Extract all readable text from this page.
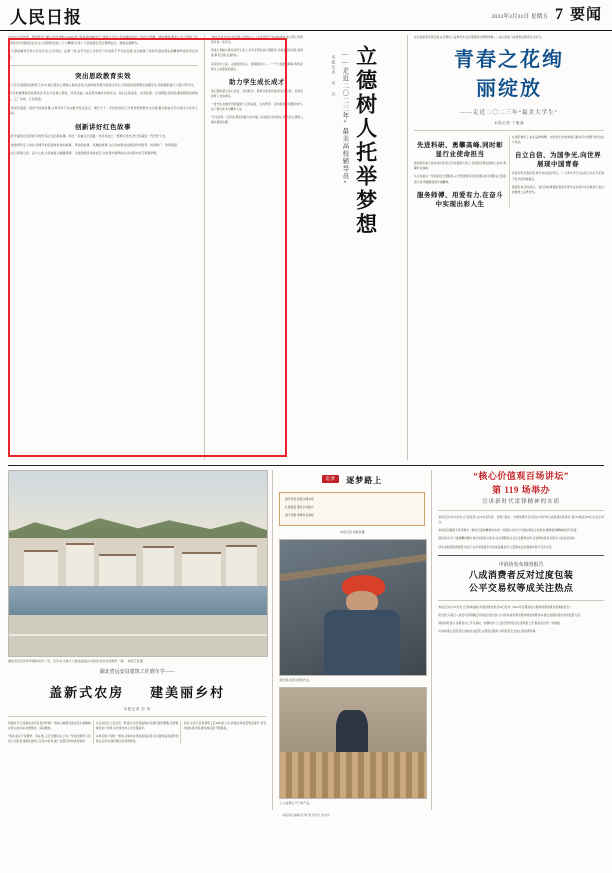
人民日报	2023年3月31日 星期五 7 要闻

中共中央宣传部、教育部近日联合印发通知,对2023年“最美高校辅导员”“最美大学生”先进事迹宣传工作作出部署。通知强调,要深入学习贯彻习近平新时代中国特色社会主义思想和党的二十大精神,引导广大高校师生坚定理想信念、锤炼品德修为。

广大高校辅导员和大学生代表,立足岗位、扎根一线,在平凡的工作和学习中创造不平凡的业绩,生动展现了新时代高校师生的精神风貌和责任担当。

突出思政教育实效

在大学生思想政治教育工作中,他们坚持立德树人根本任务,以透彻的学理分析回应学生,以彻底的思想理论说服学生,用真理的强大力量引导学生。

“只有把道理讲深讲透讲活,学生才会真心喜爱、终身受益。”这是很多辅导员的共识。他们走进宿舍、走进社团、走进网络,把思政课堂搬到田间地头、工厂车间、红色场馆。

一堂堂有温度、接地气的思政课,让青年学子在实践中坚定信念、增长才干。学校把思政工作贯穿教育教学全过程,推动形成全员全程全方位育人格局。

创新讲好红色故事

依托丰富的红色资源,学校打造行走的思政课。师生一起重走长征路、寻访老战士、整理口述史,把红色基因一代代传下去。

一批批青年走上讲台,用青年的话语讲好党的故事、革命的故事、英雄的故事,让红色故事在校园里传得更开、传得更广、传得更深。

他们以青春之我、奋斗之我,为民族复兴铺路架桥、为祖国建设添砖加瓦,在实现中国梦的生动实践中放飞青春梦想。

“做学生成长成才的引路人和知心人。”从青涩学子到成熟导师,他们用心用情陪伴每一名学生。

把爱心和耐心倾注到学生身上,从学业帮扶到心理疏导,从就业指导到生涯规划,事无巨细,点滴用心。

深夜的办公室、走廊里的谈心、假期的家访……一个个温暖的瞬间,构筑起师生之间最深的信任。

助力学生成长成才

他们探索建立谈心谈话、家校联动、朋辈互助等机制,形成全过程、全链条的育人支持体系。

一批学生在辅导员的鼓励下走向基层、走向西部、走向祖国最需要的地方,在广阔天地书写精彩人生。

“学生的每一点进步,都是我最大的幸福。”这是他们共同的心声,也是立德树人最朴素的注脚。	立德树人托举梦想
——走近二〇二三年“最美高校辅导员”
本报记者 吴 丹

在实验室里攻坚克难,在比赛场上奋勇争先,在志愿服务中默默奉献——他们用奋斗的青春诠释责任与担当。

青春之花绚
丽绽放
——走近二〇二三年“最美大学生”
本报记者 丁雅诵
先进科研、勇攀高峰,同时彰显行业使命担当

面向国家重大需求,他们把论文写在祖国大地上,以创新突破关键核心技术,勇攀科技高峰。

从乡村振兴一线到抗疫志愿服务,从支教课堂到社区网格,他们用脚步丈量祖国大地,用眼睛发现中国精神。

服务师傅、用爱有力,在奋斗中实现出彩人生

在国际赛场上,他们奋勇拼搏、为国争光,向世界展示新时代中国青年的自信与风采。

自立自信、为国争光,向世界展现中国青春

青春孕育无限希望,青年创造美好明天。广大青年学子以实际行动书写无愧于时代的青春篇章。

强国有我,请党放心。他们的故事激励着更多青年在实现中华民族伟大复兴的赛道上奋勇争先。

湖北省远安县洋坪镇新农村一景。近年来,当地大力推进美丽乡村建设,村容村貌焕然一新。 本报记者 摄
湖北省远安县建筑工匠到车学——
盖新式农房 建美丽乡村
本报记者 范 昊

初春时节,走进湖北省远安县洋坪镇,一栋栋白墙黛瓦的农家小楼掩映在青山绿水间,村道整洁、庭院雅致。

“现在盖房子有图纸、有标准,工匠还要持证上岗。”当地住建部门负责人介绍,县里组织建筑工匠集中培训,推广抗震设防和绿色建材。

为让村民住上安全房、舒适房,远安县编制农房建设通用图集,免费提供给农户选用,并安排技术人员全程指导。

从单家独户到统一规划,从简单实用到美观宜居,农房建设品质提升的背后,是乡村建设理念的深刻转变。

目前,全县已培训建筑工匠2000余人次,新建农房质量明显提升,村容村貌持续改善,群众满意度不断提高。

追梦 逐梦路上

勤学苦练 练就过硬本领

扎根基层 服务乡村振兴

敢于创新 勇攀科技高峰

本报记者 刘新吾摄
建设者在项目现场作业。
工人加紧生产订单产品。
“核心价值观百场讲坛”
第 119 场举办
宣讲新时代雷锋精神的实质

本报北京3月30日电 (记者张贺) 由中央宣传部、光明日报社、中国伦理学会共同主办的“核心价值观百场讲坛”第119场活动30日在北京举办。

本场活动邀请专家作题为《新时代雷锋精神的实质》的演讲,从历史与现实相结合的角度,阐释雷锋精神的时代价值。

演讲指出,学习雷锋精神要与岗位实践结合起来,让志愿服务在全社会蔚然成风,让崇德向善成为更多人的自觉追求。

活动采取网络视频形式进行,在多家网络平台同步直播,吸引大量网友在线观看并参与互动交流。

中消协发布调查报告
八成消费者反对过度包装
公平交易权等成关注热点

本报北京3月30日电 (记者林丽鹂) 中国消费者协会30日发布《2022年百项商品与服务消费者满意度调查报告》。

报告显示,超过八成受访者明确反对商品过度包装,认为其造成资源浪费并增加消费成本,建议加强标准约束和监管力度。

调查同时显示,消费者对公平交易权、知情权和个人信息保护的关注度明显上升,维权意识进一步增强。

中消协建议,经营者应诚信守法经营,完善售后服务,共同营造安全放心的消费环境。

本版责任编辑 张 晔 版式设计 沈亦伶
